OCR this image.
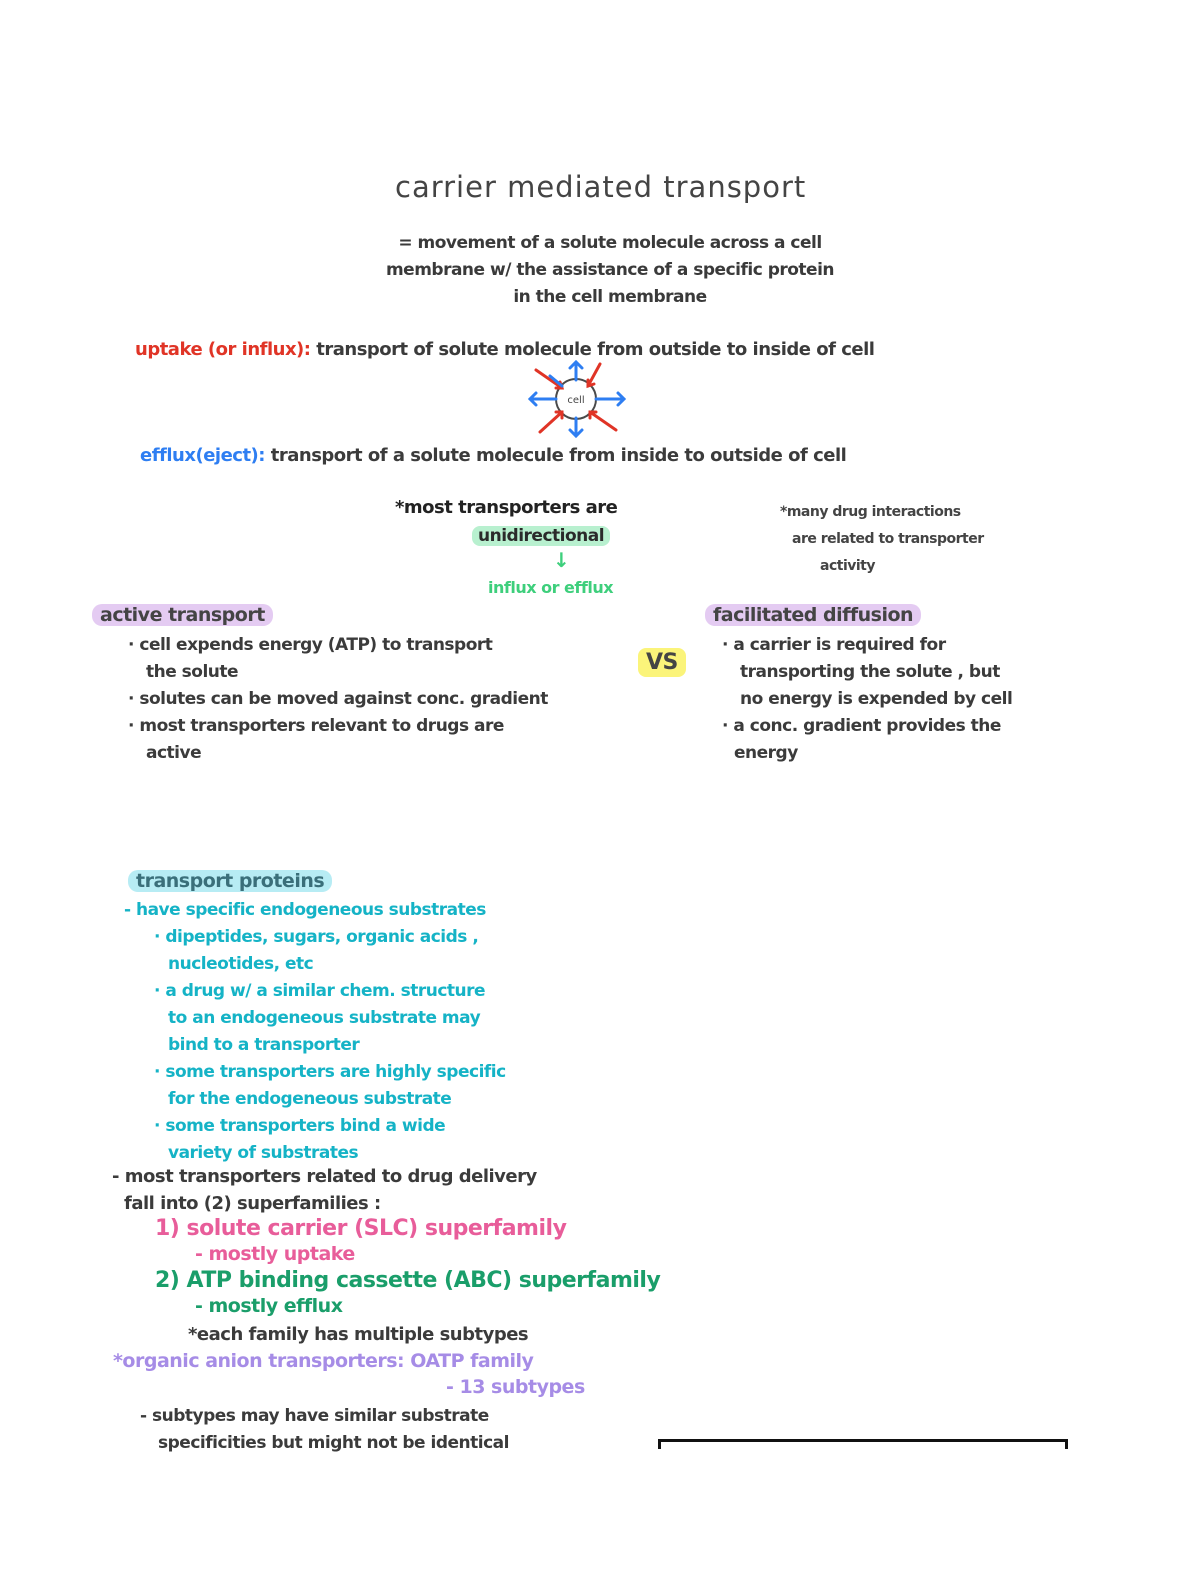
carrier mediated transport
= movement of a solute molecule across a cell
membrane w/ the assistance of a specific protein
in the cell membrane
uptake (or influx): transport of solute molecule from outside to inside of cell
cell
efflux(eject): transport of a solute molecule from inside to outside of cell
*most transporters are
unidirectional
↓
influx or efflux
*many drug interactions
are related to transporter
activity
active transport
· cell expends energy (ATP) to transport
the solute
· solutes can be moved against conc. gradient
· most transporters relevant to drugs are
active
VS
facilitated diffusion
· a carrier is required for
transporting the solute , but
no energy is expended by cell
· a conc. gradient provides the
energy
transport proteins
- have specific endogeneous substrates
· dipeptides, sugars, organic acids ,
nucleotides, etc
· a drug w/ a similar chem. structure
to an endogeneous substrate may
bind to a transporter
· some transporters are highly specific
for the endogeneous substrate
· some transporters bind a wide
variety of substrates
- most transporters related to drug delivery
fall into (2) superfamilies :
1) solute carrier (SLC) superfamily
- mostly uptake
2) ATP binding cassette (ABC) superfamily
- mostly efflux
*each family has multiple subtypes
*organic anion transporters: OATP family
- 13 subtypes
- subtypes may have similar substrate
specificities but might not be identical
